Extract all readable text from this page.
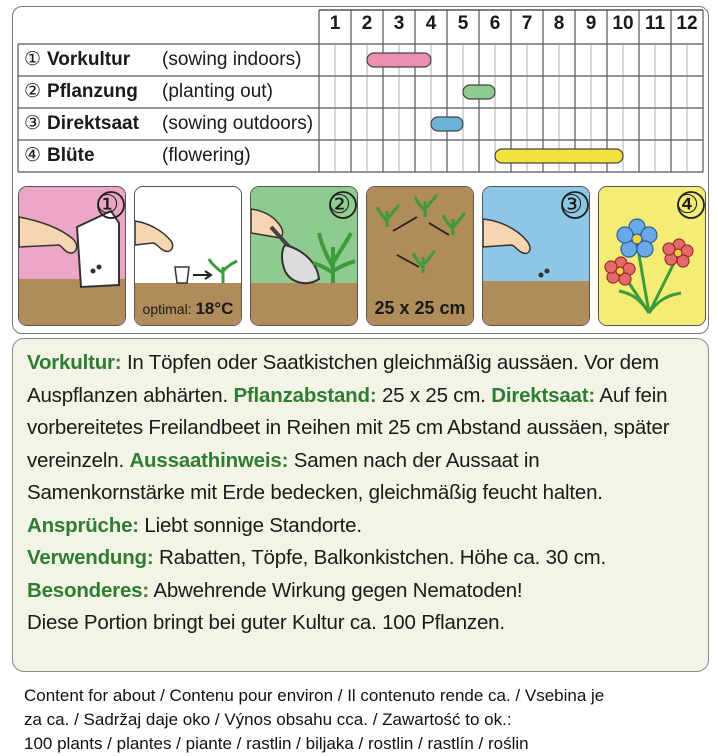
1	2	3	4	5	6	7	8	9 10 11 12
① Vorkultur (sowing indoors)
② Pflanzung (planting out)
③ Direktsaat (sowing outdoors)
④ Blüte	(flowering)
①
optimal: 18°C
②
25 x 25 cm
③	④

Vorkultur: In Töpfen oder Saatkistchen gleichmäßig aussäen. Vor dem Auspflanzen abhärten. Pflanzabstand: 25 x 25 cm. Direktsaat: Auf fein vorbereitetes Freilandbeet in Reihen mit 25 cm Abstand aussäen, später vereinzeln. Aussaathinweis: Samen nach der Aussaat in Samenkornstärke mit Erde bedecken, gleichmäßig feucht halten. Ansprüche: Liebt sonnige Standorte.
Verwendung: Rabatten, Töpfe, Balkonkistchen. Höhe ca. 30 cm.
Besonderes: Abwehrende Wirkung gegen Nematoden!
Diese Portion bringt bei guter Kultur ca. 100 Pflanzen.

Content for about / Contenu pour environ / Il contenuto rende ca. / Vsebina je
za ca. / Sadržaj daje oko / Výnos obsahu cca. / Zawartość to ok.:
100 plants / plantes / piante / rastlin / biljaka / rostlin / rastlín / roślin
